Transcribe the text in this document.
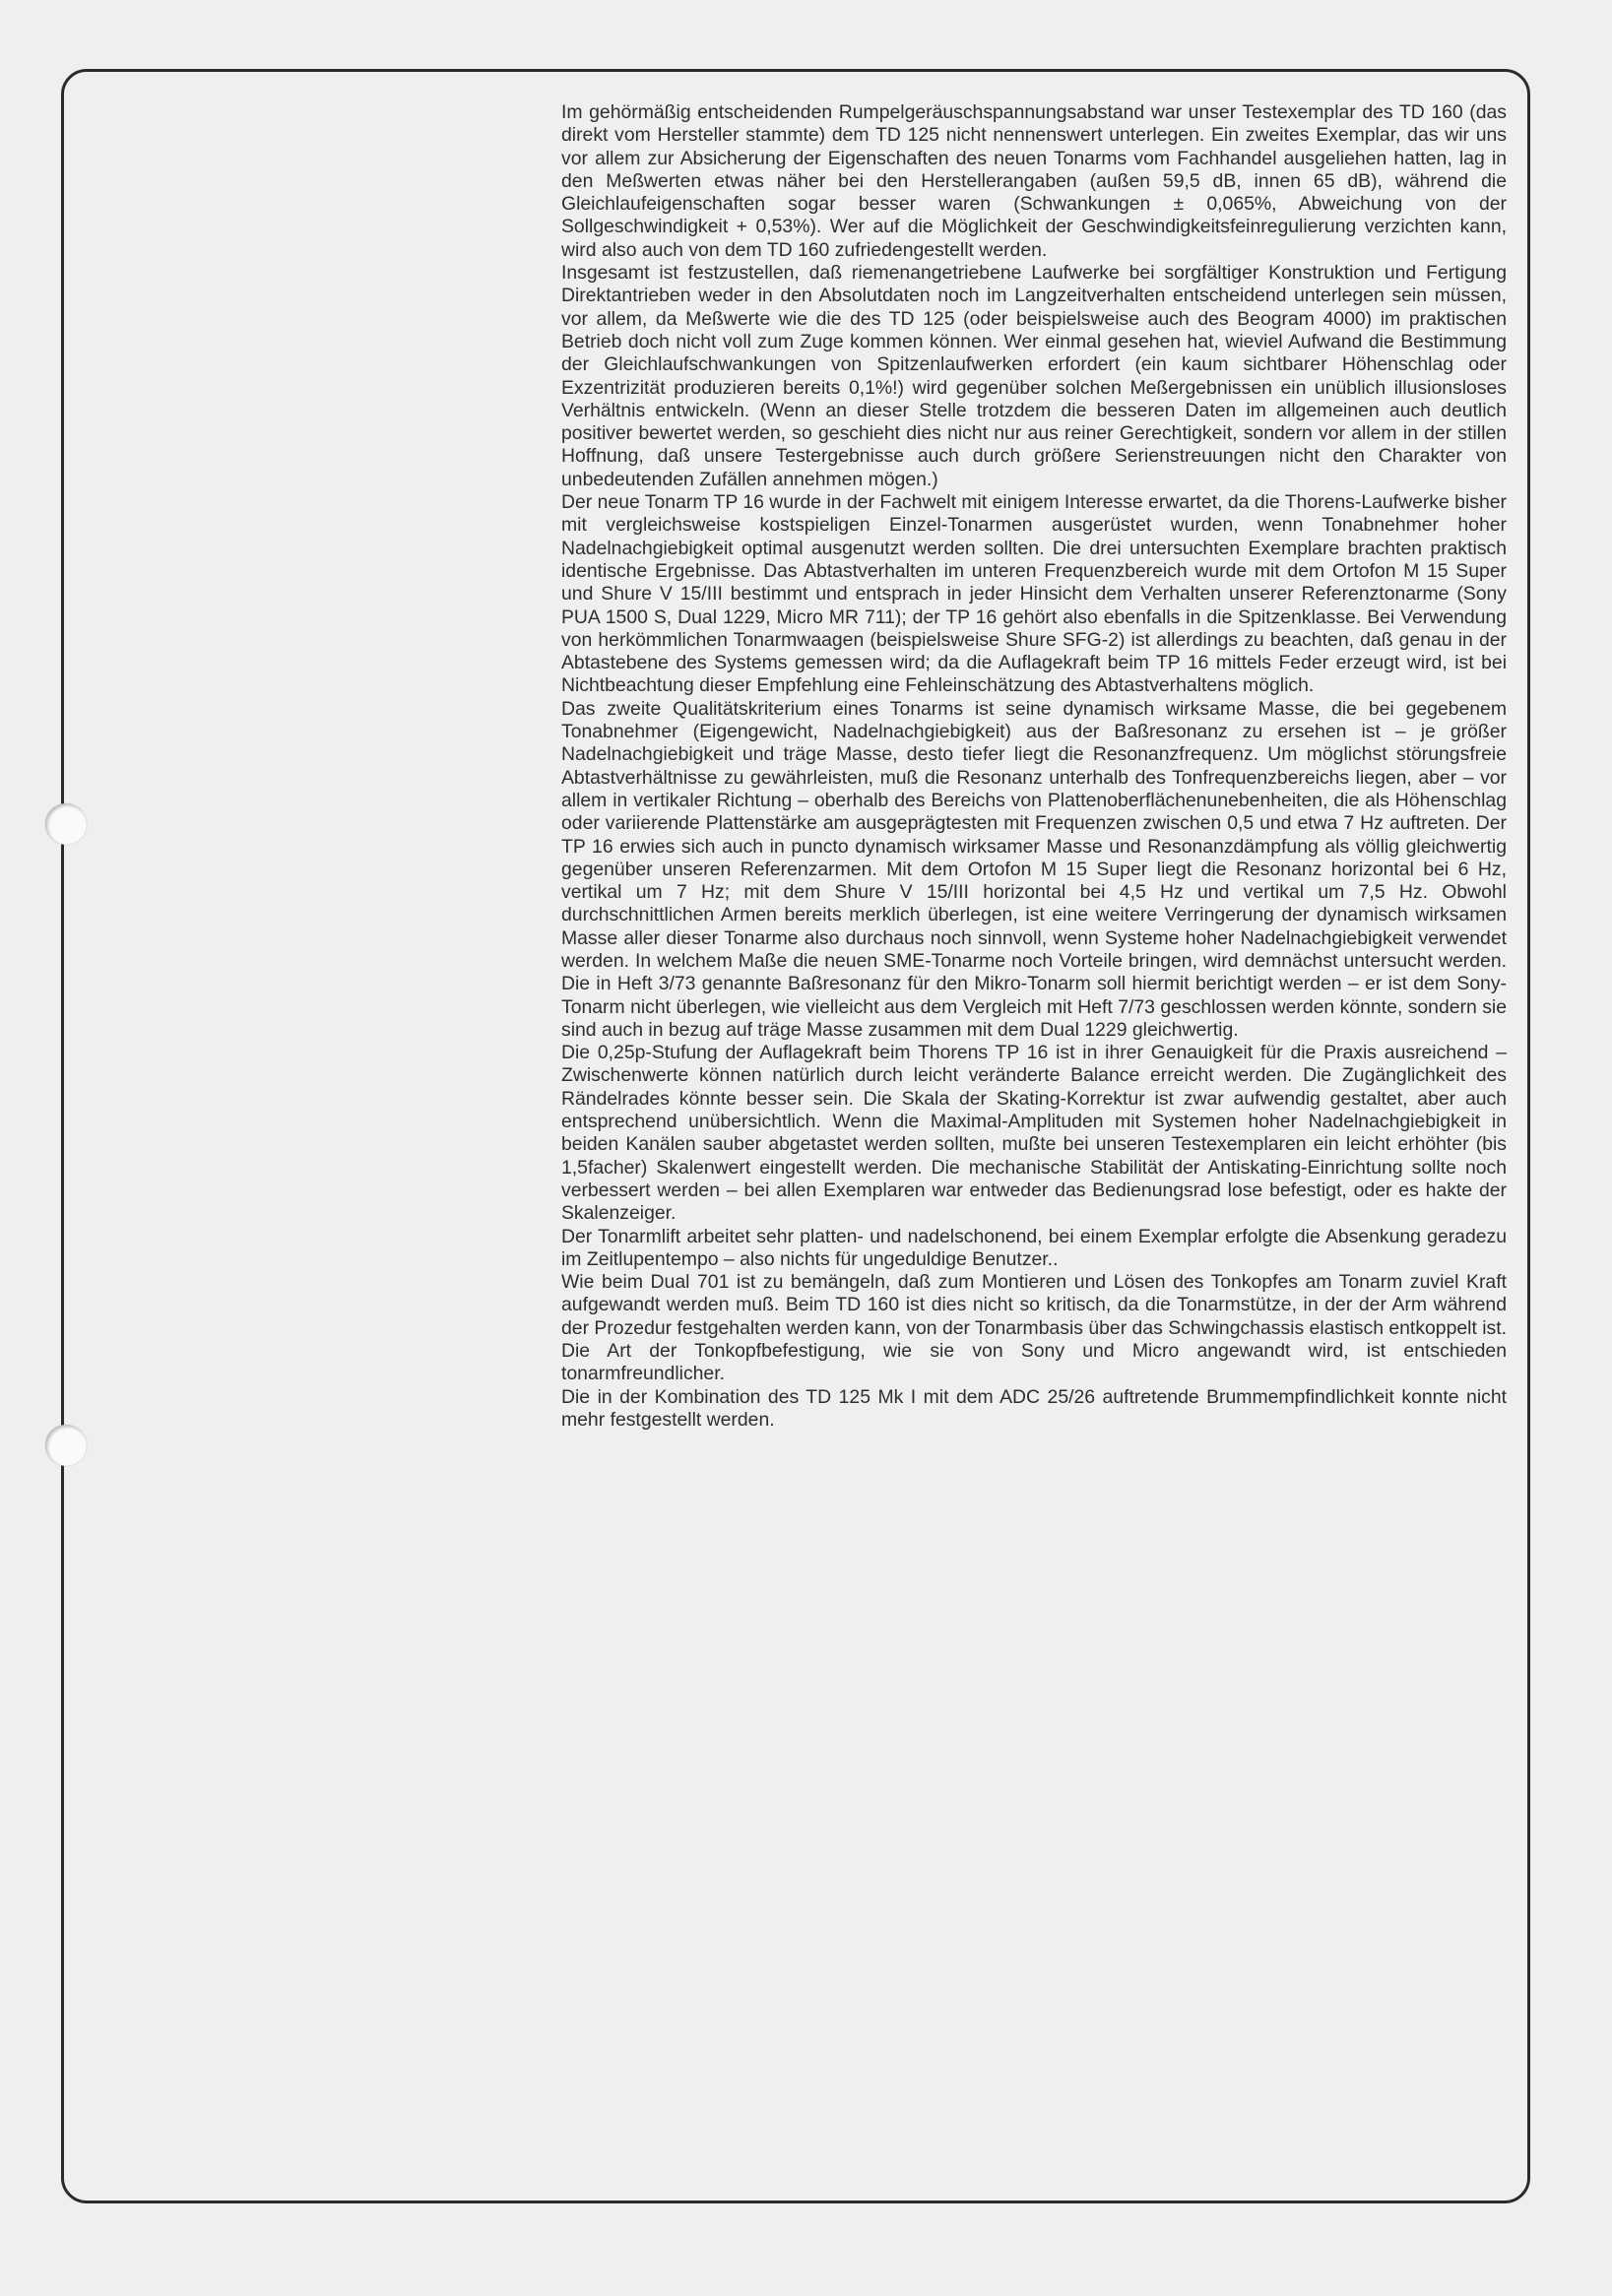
Im gehörmäßig entscheidenden Rumpelgeräuschspannungsabstand war unser Testexemplar des TD 160 (das direkt vom Hersteller stammte) dem TD 125 nicht nennenswert unterlegen. Ein zweites Exemplar, das wir uns vor allem zur Absicherung der Eigenschaften des neuen Tonarms vom Fachhandel ausgeliehen hatten, lag in den Meßwerten etwas näher bei den Herstellerangaben (außen 59,5 dB, innen 65 dB), während die Gleichlaufeigenschaften sogar besser waren (Schwankungen ± 0,065%, Abweichung von der Sollgeschwindigkeit + 0,53%). Wer auf die Möglichkeit der Geschwindigkeitsfeinregulierung verzichten kann, wird also auch von dem TD 160 zufriedengestellt werden.

Insgesamt ist festzustellen, daß riemenangetriebene Laufwerke bei sorgfältiger Konstruktion und Fertigung Direktantrieben weder in den Absolutdaten noch im Langzeitverhalten entscheidend unterlegen sein müssen, vor allem, da Meßwerte wie die des TD 125 (oder beispielsweise auch des Beogram 4000) im praktischen Betrieb doch nicht voll zum Zuge kommen können. Wer einmal gesehen hat, wieviel Aufwand die Bestimmung der Gleichlaufschwankungen von Spitzenlaufwerken erfordert (ein kaum sichtbarer Höhenschlag oder Exzentrizität produzieren bereits 0,1%!) wird gegenüber solchen Meßergebnissen ein unüblich illusionsloses Verhältnis entwickeln. (Wenn an dieser Stelle trotzdem die besseren Daten im allgemeinen auch deutlich positiver bewertet werden, so geschieht dies nicht nur aus reiner Gerechtigkeit, sondern vor allem in der stillen Hoffnung, daß unsere Testergebnisse auch durch größere Serienstreuungen nicht den Charakter von unbedeutenden Zufällen annehmen mögen.)

Der neue Tonarm TP 16 wurde in der Fachwelt mit einigem Interesse erwartet, da die Thorens-Laufwerke bisher mit vergleichsweise kostspieligen Einzel-Tonarmen ausgerüstet wurden, wenn Tonabnehmer hoher Nadelnachgiebigkeit optimal ausgenutzt werden sollten. Die drei untersuchten Exemplare brachten praktisch identische Ergebnisse. Das Abtastverhalten im unteren Frequenzbereich wurde mit dem Ortofon M 15 Super und Shure V 15/III bestimmt und entsprach in jeder Hinsicht dem Verhalten unserer Referenztonarme (Sony PUA 1500 S, Dual 1229, Micro MR 711); der TP 16 gehört also ebenfalls in die Spitzenklasse. Bei Verwendung von herkömmlichen Tonarmwaagen (beispielsweise Shure SFG-2) ist allerdings zu beachten, daß genau in der Abtastebene des Systems gemessen wird; da die Auflagekraft beim TP 16 mittels Feder erzeugt wird, ist bei Nichtbeachtung dieser Empfehlung eine Fehleinschätzung des Abtastverhaltens möglich.

Das zweite Qualitätskriterium eines Tonarms ist seine dynamisch wirksame Masse, die bei gegebenem Tonabnehmer (Eigengewicht, Nadelnachgiebigkeit) aus der Baßresonanz zu ersehen ist – je größer Nadelnachgiebigkeit und träge Masse, desto tiefer liegt die Resonanzfrequenz. Um möglichst störungsfreie Abtastverhältnisse zu gewährleisten, muß die Resonanz unterhalb des Tonfrequenzbereichs liegen, aber – vor allem in vertikaler Richtung – oberhalb des Bereichs von Plattenoberflächenunebenheiten, die als Höhenschlag oder variierende Plattenstärke am ausgeprägtesten mit Frequenzen zwischen 0,5 und etwa 7 Hz auftreten. Der TP 16 erwies sich auch in puncto dynamisch wirksamer Masse und Resonanzdämpfung als völlig gleichwertig gegenüber unseren Referenzarmen. Mit dem Ortofon M 15 Super liegt die Resonanz horizontal bei 6 Hz, vertikal um 7 Hz; mit dem Shure V 15/III horizontal bei 4,5 Hz und vertikal um 7,5 Hz. Obwohl durchschnittlichen Armen bereits merklich überlegen, ist eine weitere Verringerung der dynamisch wirksamen Masse aller dieser Tonarme also durchaus noch sinnvoll, wenn Systeme hoher Nadelnachgiebigkeit verwendet werden. In welchem Maße die neuen SME-Tonarme noch Vorteile bringen, wird demnächst untersucht werden. Die in Heft 3/73 genannte Baßresonanz für den Mikro-Tonarm soll hiermit berichtigt werden – er ist dem Sony-Tonarm nicht überlegen, wie vielleicht aus dem Vergleich mit Heft 7/73 geschlossen werden könnte, sondern sie sind auch in bezug auf träge Masse zusammen mit dem Dual 1229 gleichwertig.

Die 0,25p-Stufung der Auflagekraft beim Thorens TP 16 ist in ihrer Genauigkeit für die Praxis ausreichend – Zwischenwerte können natürlich durch leicht veränderte Balance erreicht werden. Die Zugänglichkeit des Rändelrades könnte besser sein. Die Skala der Skating-Korrektur ist zwar aufwendig gestaltet, aber auch entsprechend unübersichtlich. Wenn die Maximal-Amplituden mit Systemen hoher Nadelnachgiebigkeit in beiden Kanälen sauber abgetastet werden sollten, mußte bei unseren Testexemplaren ein leicht erhöhter (bis 1,5facher) Skalenwert eingestellt werden. Die mechanische Stabilität der Antiskating-Einrichtung sollte noch verbessert werden – bei allen Exemplaren war entweder das Bedienungsrad lose befestigt, oder es hakte der Skalenzeiger.

Der Tonarmlift arbeitet sehr platten- und nadelschonend, bei einem Exemplar erfolgte die Absenkung geradezu im Zeitlupentempo – also nichts für ungeduldige Benutzer..

Wie beim Dual 701 ist zu bemängeln, daß zum Montieren und Lösen des Tonkopfes am Tonarm zuviel Kraft aufgewandt werden muß. Beim TD 160 ist dies nicht so kritisch, da die Tonarmstütze, in der der Arm während der Prozedur festgehalten werden kann, von der Tonarmbasis über das Schwingchassis elastisch entkoppelt ist. Die Art der Tonkopfbefestigung, wie sie von Sony und Micro angewandt wird, ist entschieden tonarmfreundlicher.

Die in der Kombination des TD 125 Mk I mit dem ADC 25/26 auftretende Brummempfindlichkeit konnte nicht mehr festgestellt werden.
